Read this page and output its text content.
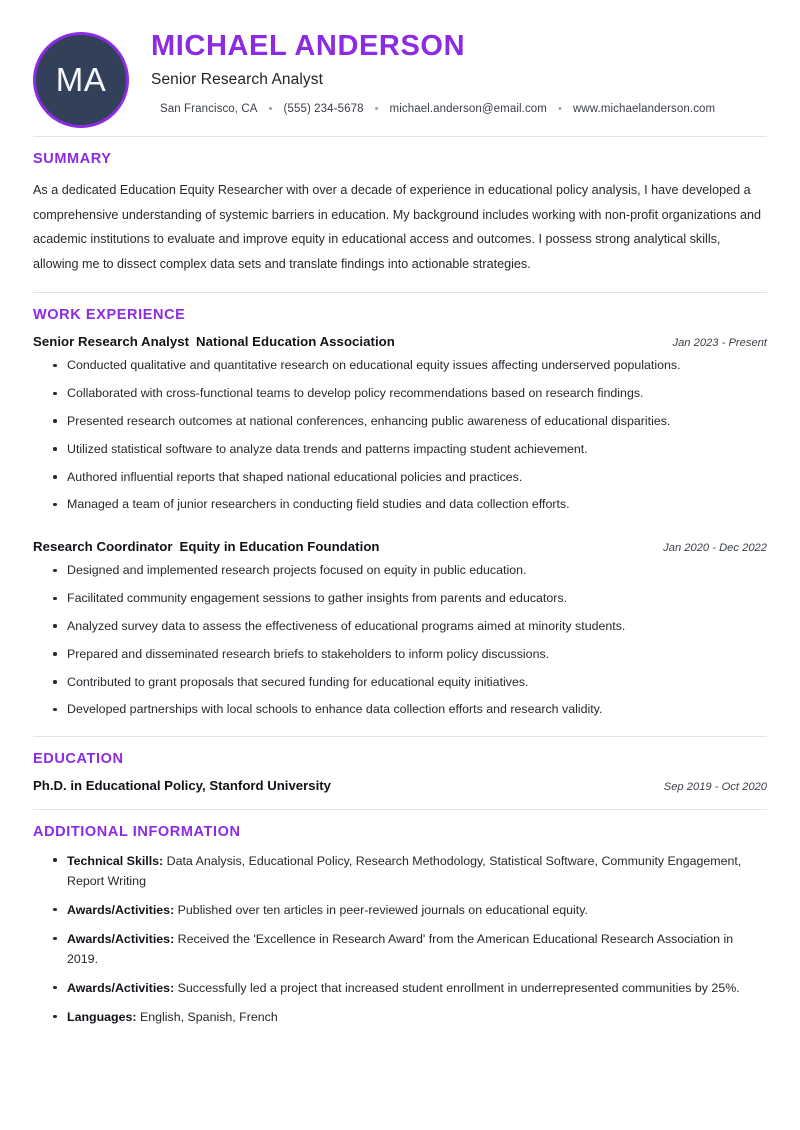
MA
MICHAEL ANDERSON
Senior Research Analyst
San Francisco, CA • (555) 234-5678 • michael.anderson@email.com • www.michaelanderson.com
SUMMARY
As a dedicated Education Equity Researcher with over a decade of experience in educational policy analysis, I have developed a comprehensive understanding of systemic barriers in education. My background includes working with non-profit organizations and academic institutions to evaluate and improve equity in educational access and outcomes. I possess strong analytical skills, allowing me to dissect complex data sets and translate findings into actionable strategies.
WORK EXPERIENCE
Senior Research Analyst National Education Association	Jan 2023 - Present
Conducted qualitative and quantitative research on educational equity issues affecting underserved populations.
Collaborated with cross-functional teams to develop policy recommendations based on research findings.
Presented research outcomes at national conferences, enhancing public awareness of educational disparities.
Utilized statistical software to analyze data trends and patterns impacting student achievement.
Authored influential reports that shaped national educational policies and practices.
Managed a team of junior researchers in conducting field studies and data collection efforts.
Research Coordinator Equity in Education Foundation	Jan 2020 - Dec 2022
Designed and implemented research projects focused on equity in public education.
Facilitated community engagement sessions to gather insights from parents and educators.
Analyzed survey data to assess the effectiveness of educational programs aimed at minority students.
Prepared and disseminated research briefs to stakeholders to inform policy discussions.
Contributed to grant proposals that secured funding for educational equity initiatives.
Developed partnerships with local schools to enhance data collection efforts and research validity.
EDUCATION
Ph.D. in Educational Policy, Stanford University	Sep 2019 - Oct 2020
ADDITIONAL INFORMATION
Technical Skills: Data Analysis, Educational Policy, Research Methodology, Statistical Software, Community Engagement, Report Writing
Awards/Activities: Published over ten articles in peer-reviewed journals on educational equity.
Awards/Activities: Received the 'Excellence in Research Award' from the American Educational Research Association in 2019.
Awards/Activities: Successfully led a project that increased student enrollment in underrepresented communities by 25%.
Languages: English, Spanish, French
